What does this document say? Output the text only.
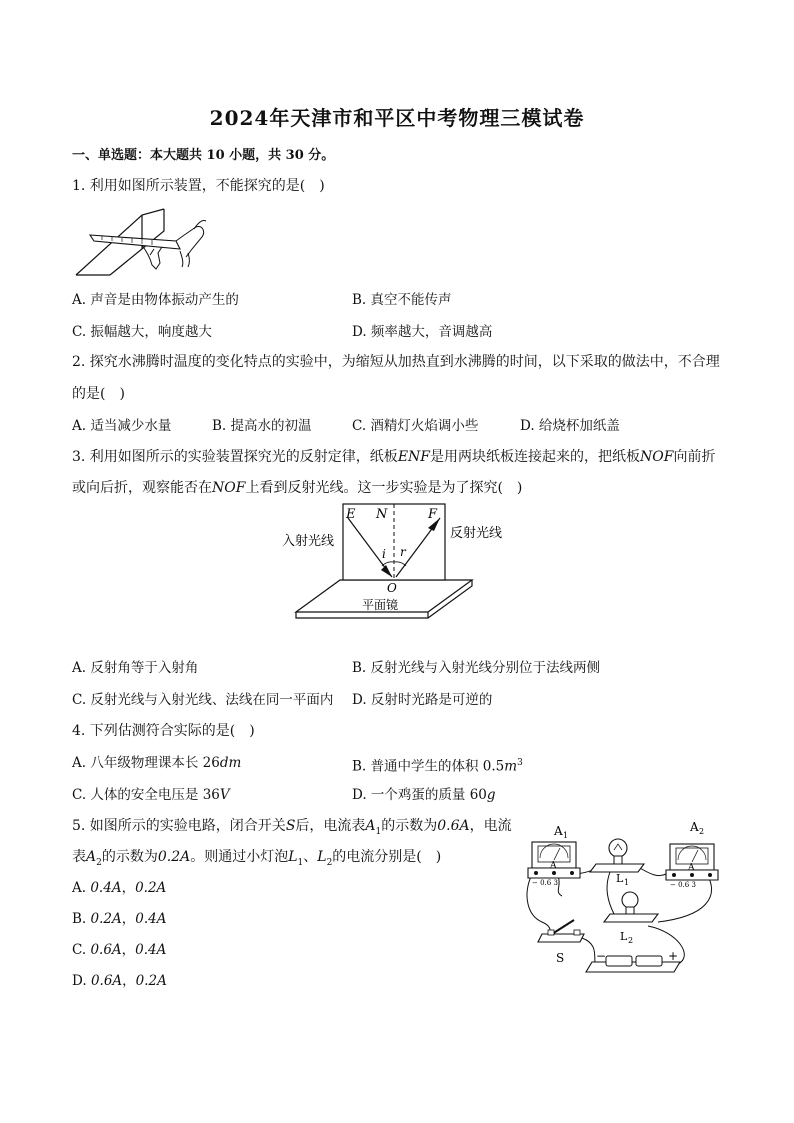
2024年天津市和平区中考物理三模试卷
一、单选题：本大题共 10 小题，共 30 分。
1. 利用如图所示装置，不能探究的是(　)
A. 声音是由物体振动产生的	B. 真空不能传声
C. 振幅越大，响度越大	D. 频率越大，音调越高
2. 探究水沸腾时温度的变化特点的实验中，为缩短从加热直到水沸腾的时间，以下采取的做法中，不合理
的是(　)
A. 适当减少水量	B. 提高水的初温	C. 酒精灯火焰调小些	D. 给烧杯加纸盖
3. 利用如图所示的实验装置探究光的反射定律，纸板ENF是用两块纸板连接起来的，把纸板NOF向前折
或向后折，观察能否在NOF上看到反射光线。这一步实验是为了探究(　)
E N	F
i r
O
入射光线
反射光线
平面镜
A. 反射角等于入射角	B. 反射光线与入射光线分别位于法线两侧
C. 反射光线与入射光线、法线在同一平面内 D. 反射时光路是可逆的
4. 下列估测符合实际的是(　)
A. 八年级物理课本长 26dm	B. 普通中学生的体积 $0.5m^3$
C. 人体的安全电压是 36V	D. 一个鸡蛋的质量 60g
5. 如图所示的实验电路，闭合开关S后，电流表$A_1$的示数为0.6A，电流
表$A_2$的示数为0.2A。则通过小灯泡$L_1$、$L_2$的电流分别是(　)
A. 0.4A，0.2A
B. 0.2A，0.4A
C. 0.6A，0.4A
D. 0.6A，0.2A
A 1
A
− 0.6 3	L 1
A 2
A
− 0.6 3
L 2
S	−	+
